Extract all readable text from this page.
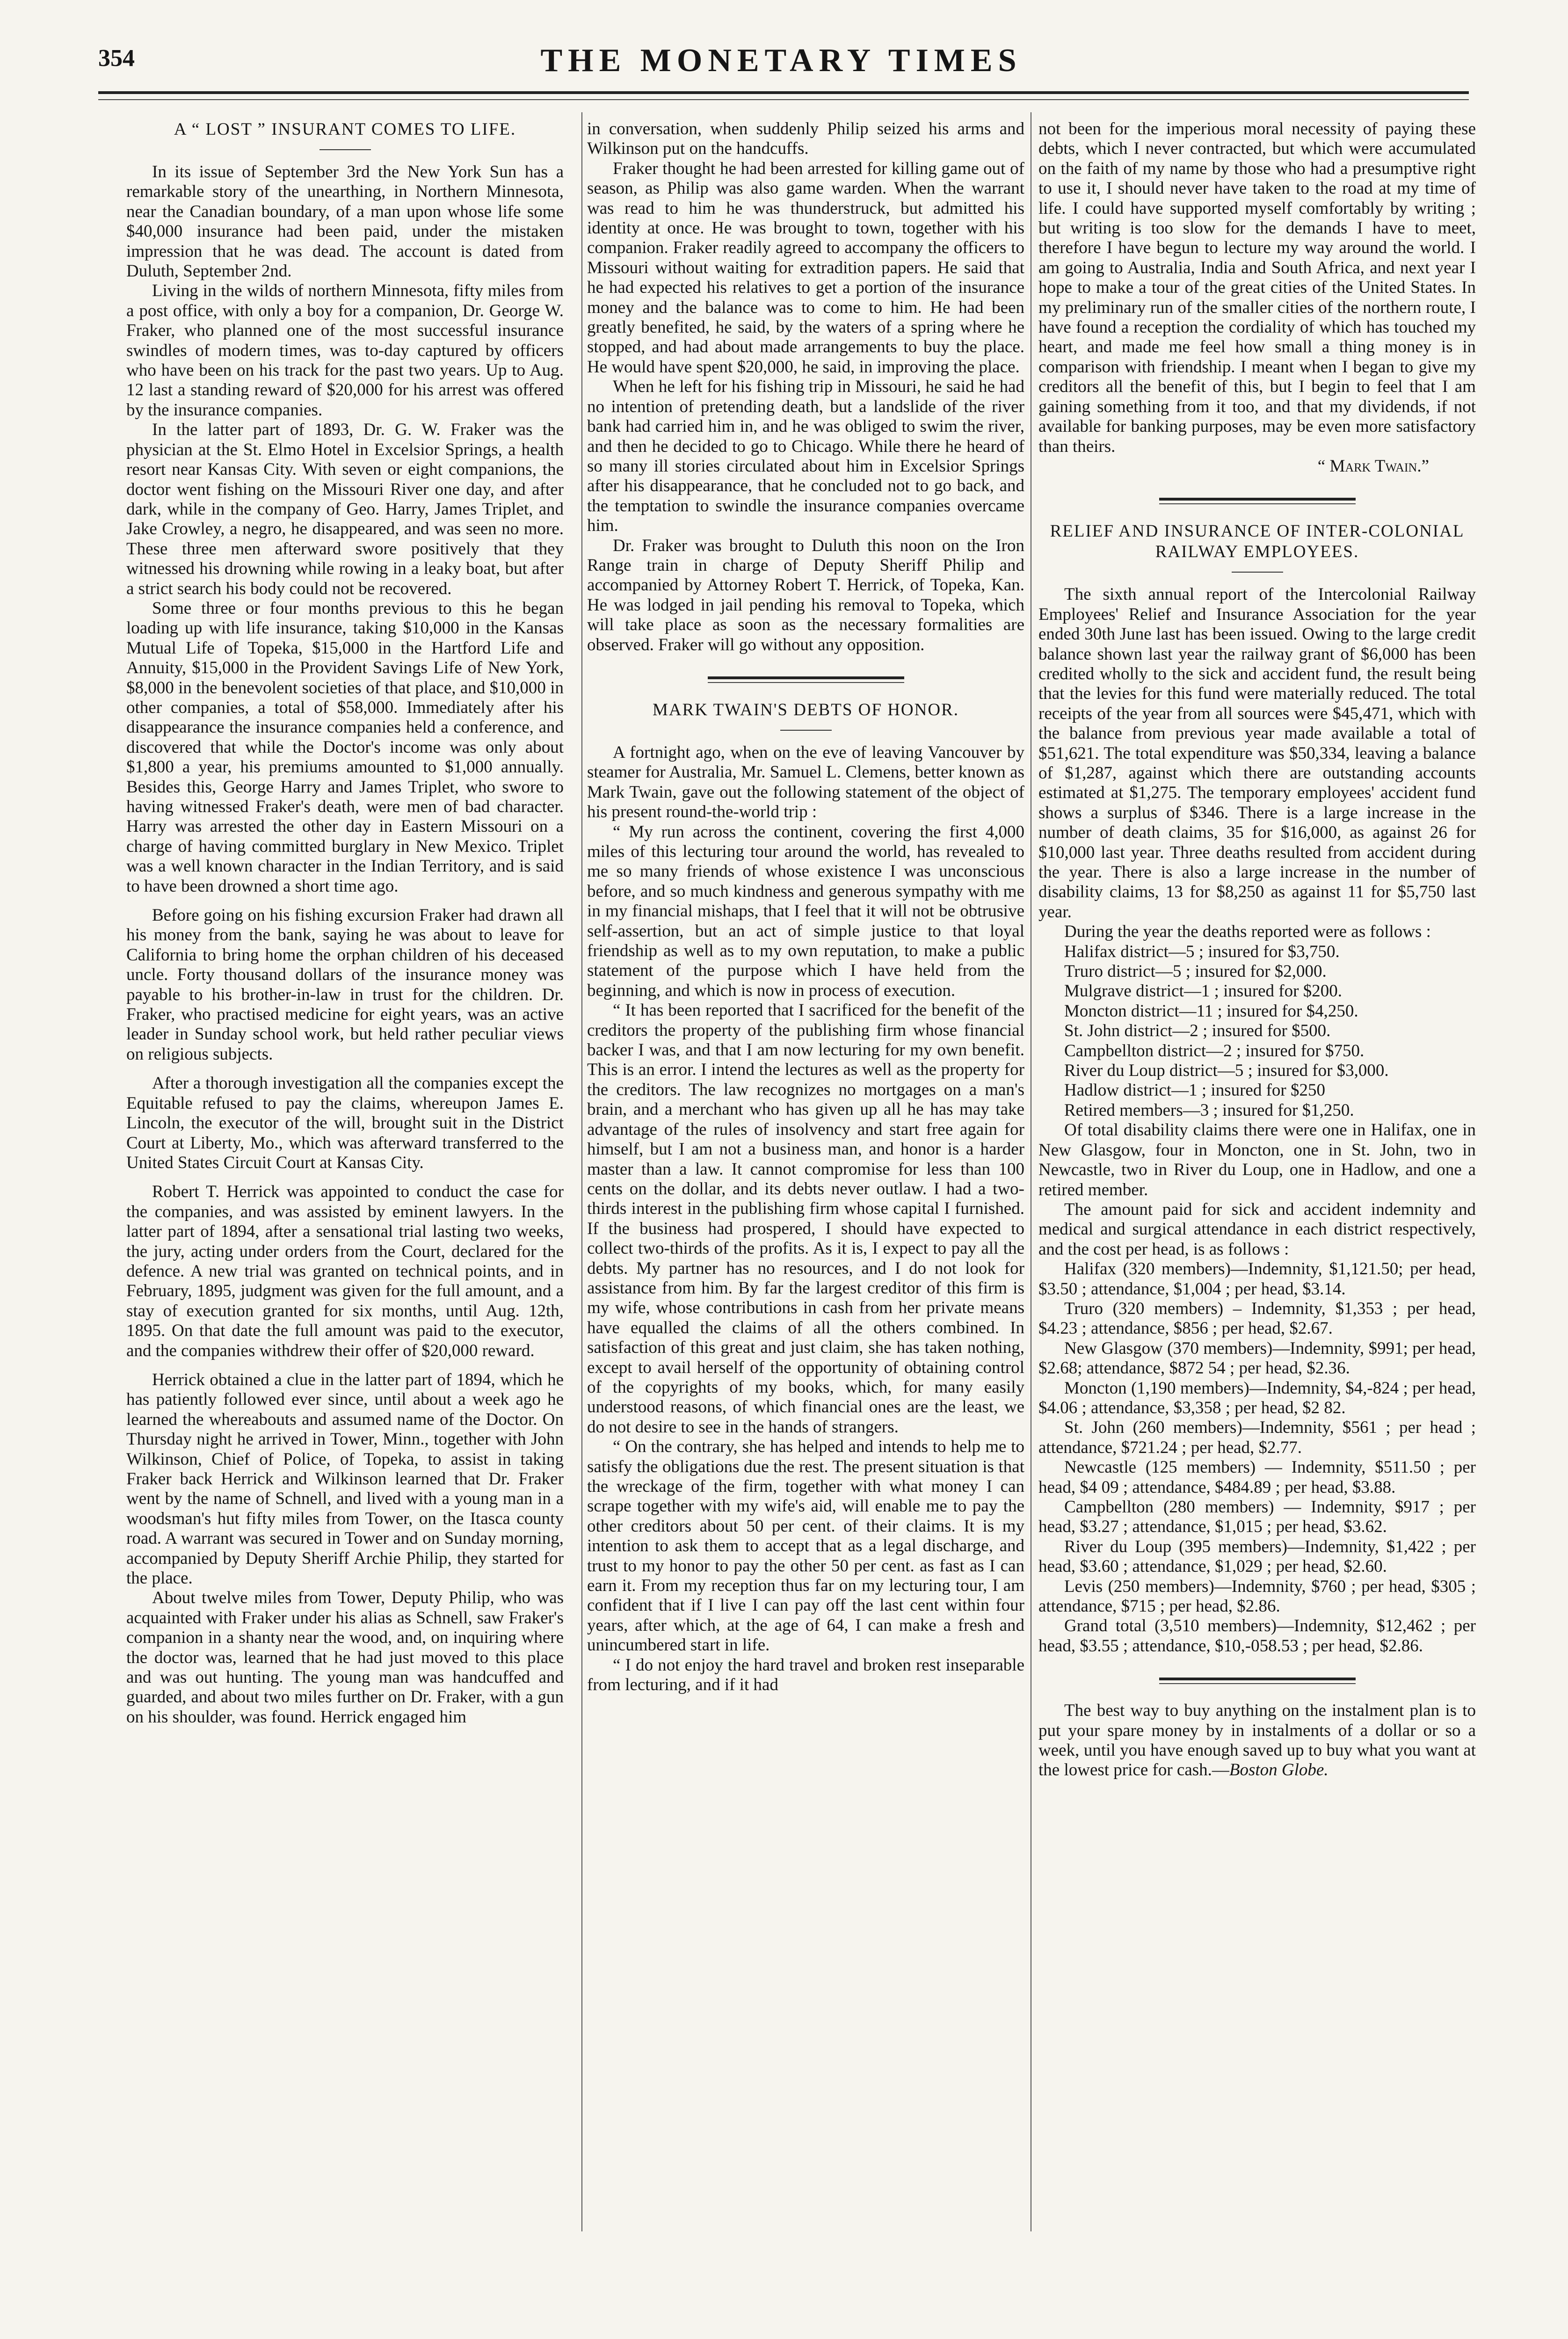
354	THE MONETARY TIMES
A “ LOST ” INSURANT COMES TO LIFE.

In its issue of September 3rd the New York Sun has a remarkable story of the unearthing, in Northern Minnesota, near the Canadian boundary, of a man upon whose life some $40,000 insurance had been paid, under the mistaken impression that he was dead. The account is dated from Duluth, September 2nd.

Living in the wilds of northern Minnesota, fifty miles from a post office, with only a boy for a companion, Dr. George W. Fraker, who planned one of the most successful insurance swindles of modern times, was to-day captured by officers who have been on his track for the past two years. Up to Aug. 12 last a standing reward of $20,000 for his arrest was offered by the insurance companies.

In the latter part of 1893, Dr. G. W. Fraker was the physician at the St. Elmo Hotel in Excelsior Springs, a health resort near Kansas City. With seven or eight companions, the doctor went fishing on the Missouri River one day, and after dark, while in the company of Geo. Harry, James Triplet, and Jake Crowley, a negro, he disappeared, and was seen no more. These three men afterward swore positively that they witnessed his drowning while rowing in a leaky boat, but after a strict search his body could not be recovered.

Some three or four months previous to this he began loading up with life insurance, taking $10,000 in the Kansas Mutual Life of Topeka, $15,000 in the Hartford Life and Annuity, $15,000 in the Provident Savings Life of New York, $8,000 in the benevolent societies of that place, and $10,000 in other companies, a total of $58,000. Immediately after his disappearance the insurance companies held a conference, and discovered that while the Doctor's income was only about $1,800 a year, his premiums amounted to $1,000 annually. Besides this, George Harry and James Triplet, who swore to having witnessed Fraker's death, were men of bad character. Harry was arrested the other day in Eastern Missouri on a charge of having committed burglary in New Mexico. Triplet was a well known character in the Indian Territory, and is said to have been drowned a short time ago.

Before going on his fishing excursion Fraker had drawn all his money from the bank, saying he was about to leave for California to bring home the orphan children of his deceased uncle. Forty thousand dollars of the insurance money was payable to his brother-in-law in trust for the children. Dr. Fraker, who practised medicine for eight years, was an active leader in Sunday school work, but held rather peculiar views on religious subjects.

After a thorough investigation all the companies except the Equitable refused to pay the claims, whereupon James E. Lincoln, the executor of the will, brought suit in the District Court at Liberty, Mo., which was afterward transferred to the United States Circuit Court at Kansas City.

Robert T. Herrick was appointed to conduct the case for the companies, and was assisted by eminent lawyers. In the latter part of 1894, after a sensational trial lasting two weeks, the jury, acting under orders from the Court, declared for the defence. A new trial was granted on technical points, and in February, 1895, judgment was given for the full amount, and a stay of execution granted for six months, until Aug. 12th, 1895. On that date the full amount was paid to the executor, and the companies withdrew their offer of $20,000 reward.

Herrick obtained a clue in the latter part of 1894, which he has patiently followed ever since, until about a week ago he learned the whereabouts and assumed name of the Doctor. On Thursday night he arrived in Tower, Minn., together with John Wilkinson, Chief of Police, of Topeka, to assist in taking Fraker back Herrick and Wilkinson learned that Dr. Fraker went by the name of Schnell, and lived with a young man in a woodsman's hut fifty miles from Tower, on the Itasca county road. A warrant was secured in Tower and on Sunday morning, accompanied by Deputy Sheriff Archie Philip, they started for the place.

About twelve miles from Tower, Deputy Philip, who was acquainted with Fraker under his alias as Schnell, saw Fraker's companion in a shanty near the wood, and, on inquiring where the doctor was, learned that he had just moved to this place and was out hunting. The young man was handcuffed and guarded, and about two miles further on Dr. Fraker, with a gun on his shoulder, was found. Herrick engaged him

in conversation, when suddenly Philip seized his arms and Wilkinson put on the handcuffs.

Fraker thought he had been arrested for killing game out of season, as Philip was also game warden. When the warrant was read to him he was thunderstruck, but admitted his identity at once. He was brought to town, together with his companion. Fraker readily agreed to accompany the officers to Missouri without waiting for extradition papers. He said that he had expected his relatives to get a portion of the insurance money and the balance was to come to him. He had been greatly benefited, he said, by the waters of a spring where he stopped, and had about made arrangements to buy the place. He would have spent $20,000, he said, in improving the place.

When he left for his fishing trip in Missouri, he said he had no intention of pretending death, but a landslide of the river bank had carried him in, and he was obliged to swim the river, and then he decided to go to Chicago. While there he heard of so many ill stories circulated about him in Excelsior Springs after his disappearance, that he concluded not to go back, and the temptation to swindle the insurance companies overcame him.

Dr. Fraker was brought to Duluth this noon on the Iron Range train in charge of Deputy Sheriff Philip and accompanied by Attorney Robert T. Herrick, of Topeka, Kan. He was lodged in jail pending his removal to Topeka, which will take place as soon as the necessary formalities are observed. Fraker will go without any opposition.

MARK TWAIN'S DEBTS OF HONOR.

A fortnight ago, when on the eve of leaving Vancouver by steamer for Australia, Mr. Samuel L. Clemens, better known as Mark Twain, gave out the following statement of the object of his present round-the-world trip :

“ My run across the continent, covering the first 4,000 miles of this lecturing tour around the world, has revealed to me so many friends of whose existence I was unconscious before, and so much kindness and generous sympathy with me in my financial mishaps, that I feel that it will not be obtrusive self-assertion, but an act of simple justice to that loyal friendship as well as to my own reputation, to make a public statement of the purpose which I have held from the beginning, and which is now in process of execution.

“ It has been reported that I sacrificed for the benefit of the creditors the property of the publishing firm whose financial backer I was, and that I am now lecturing for my own benefit. This is an error. I intend the lectures as well as the property for the creditors. The law recognizes no mortgages on a man's brain, and a merchant who has given up all he has may take advantage of the rules of insolvency and start free again for himself, but I am not a business man, and honor is a harder master than a law. It cannot compromise for less than 100 cents on the dollar, and its debts never outlaw. I had a two-thirds interest in the publishing firm whose capital I furnished. If the business had prospered, I should have expected to collect two-thirds of the profits. As it is, I expect to pay all the debts. My partner has no resources, and I do not look for assistance from him. By far the largest creditor of this firm is my wife, whose contributions in cash from her private means have equalled the claims of all the others combined. In satisfaction of this great and just claim, she has taken nothing, except to avail herself of the opportunity of obtaining control of the copyrights of my books, which, for many easily understood reasons, of which financial ones are the least, we do not desire to see in the hands of strangers.

“ On the contrary, she has helped and intends to help me to satisfy the obligations due the rest. The present situation is that the wreckage of the firm, together with what money I can scrape together with my wife's aid, will enable me to pay the other creditors about 50 per cent. of their claims. It is my intention to ask them to accept that as a legal discharge, and trust to my honor to pay the other 50 per cent. as fast as I can earn it. From my reception thus far on my lecturing tour, I am confident that if I live I can pay off the last cent within four years, after which, at the age of 64, I can make a fresh and unincumbered start in life.

“ I do not enjoy the hard travel and broken rest inseparable from lecturing, and if it had

not been for the imperious moral necessity of paying these debts, which I never contracted, but which were accumulated on the faith of my name by those who had a presumptive right to use it, I should never have taken to the road at my time of life. I could have supported myself comfortably by writing ; but writing is too slow for the demands I have to meet, therefore I have begun to lecture my way around the world. I am going to Australia, India and South Africa, and next year I hope to make a tour of the great cities of the United States. In my preliminary run of the smaller cities of the northern route, I have found a reception the cordiality of which has touched my heart, and made me feel how small a thing money is in comparison with friendship. I meant when I began to give my creditors all the benefit of this, but I begin to feel that I am gaining something from it too, and that my dividends, if not available for banking purposes, may be even more satisfactory than theirs.

“ Mark Twain.”

RELIEF AND INSURANCE OF INTER-COLONIAL RAILWAY EMPLOYEES.

The sixth annual report of the Intercolonial Railway Employees' Relief and Insurance Association for the year ended 30th June last has been issued. Owing to the large credit balance shown last year the railway grant of $6,000 has been credited wholly to the sick and accident fund, the result being that the levies for this fund were materially reduced. The total receipts of the year from all sources were $45,471, which with the balance from previous year made available a total of $51,621. The total expenditure was $50,334, leaving a balance of $1,287, against which there are outstanding accounts estimated at $1,275. The temporary employees' accident fund shows a surplus of $346. There is a large increase in the number of death claims, 35 for $16,000, as against 26 for $10,000 last year. Three deaths resulted from accident during the year. There is also a large increase in the number of disability claims, 13 for $8,250 as against 11 for $5,750 last year.

During the year the deaths reported were as follows :

Halifax district—5 ; insured for $3,750.

Truro district—5 ; insured for $2,000.

Mulgrave district—1 ; insured for $200.

Moncton district—11 ; insured for $4,250.

St. John district—2 ; insured for $500.

Campbellton district—2 ; insured for $750.

River du Loup district—5 ; insured for $3,000.

Hadlow district—1 ; insured for $250

Retired members—3 ; insured for $1,250.

Of total disability claims there were one in Halifax, one in New Glasgow, four in Moncton, one in St. John, two in Newcastle, two in River du Loup, one in Hadlow, and one a retired member.

The amount paid for sick and accident indemnity and medical and surgical attendance in each district respectively, and the cost per head, is as follows :

Halifax (320 members)—Indemnity, $1,121.50; per head, $3.50 ; attendance, $1,004 ; per head, $3.14.

Truro (320 members) – Indemnity, $1,353 ; per head, $4.23 ; attendance, $856 ; per head, $2.67.

New Glasgow (370 members)—Indemnity, $991; per head, $2.68; attendance, $872 54 ; per head, $2.36.

Moncton (1,190 members)—Indemnity, $4,-824 ; per head, $4.06 ; attendance, $3,358 ; per head, $2 82.

St. John (260 members)—Indemnity, $561 ; per head ; attendance, $721.24 ; per head, $2.77.

Newcastle (125 members) — Indemnity, $511.50 ; per head, $4 09 ; attendance, $484.89 ; per head, $3.88.

Campbellton (280 members) — Indemnity, $917 ; per head, $3.27 ; attendance, $1,015 ; per head, $3.62.

River du Loup (395 members)—Indemnity, $1,422 ; per head, $3.60 ; attendance, $1,029 ; per head, $2.60.

Levis (250 members)—Indemnity, $760 ; per head, $305 ; attendance, $715 ; per head, $2.86.

Grand total (3,510 members)—Indemnity, $12,462 ; per head, $3.55 ; attendance, $10,-058.53 ; per head, $2.86.

The best way to buy anything on the instalment plan is to put your spare money by in instalments of a dollar or so a week, until you have enough saved up to buy what you want at the lowest price for cash.—Boston Globe.
